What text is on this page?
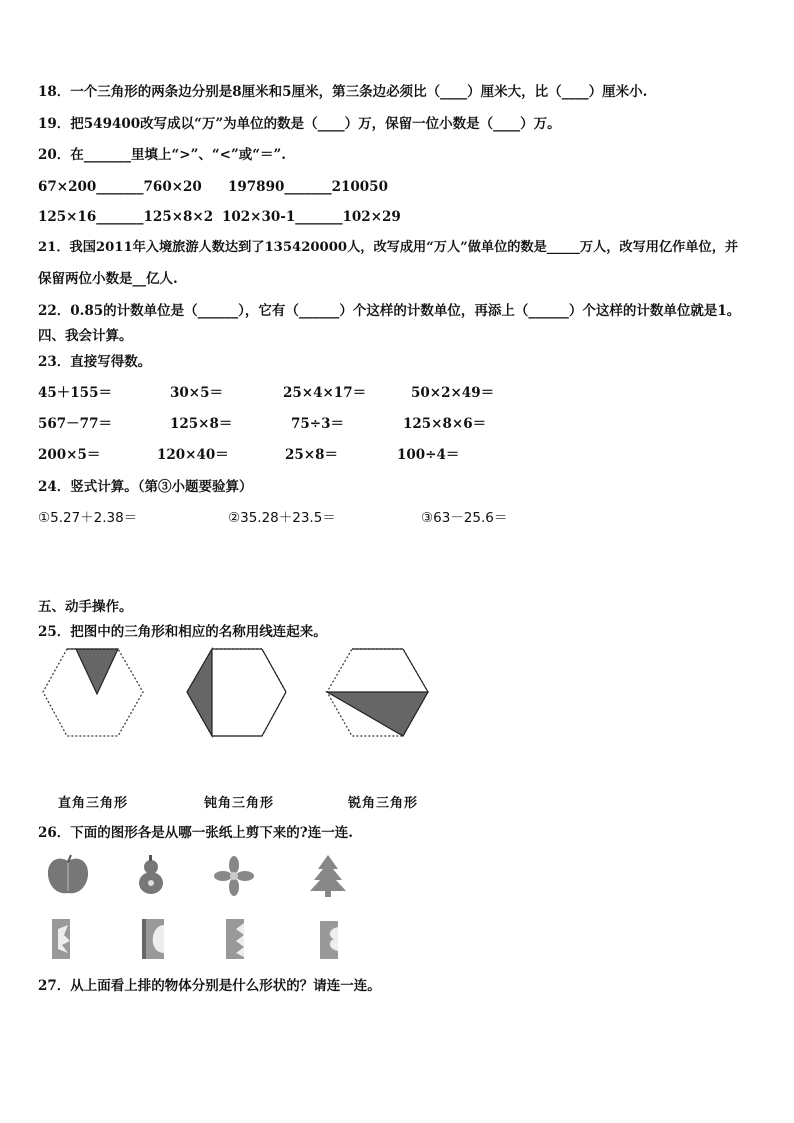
18．一个三角形的两条边分别是8厘米和5厘米，第三条边必须比（____）厘米大，比（____）厘米小.
19．把549400改写成以“万”为单位的数是（____）万，保留一位小数是（____）万。
20．在_______里填上“>”、“<”或“＝”.
67×200_______760×20 197890_______210050
125×16_______125×8×2 102×30-1_______102×29
21．我国2011年入境旅游人数达到了135420000人，改写成用“万人”做单位的数是_____万人，改写用亿作单位，并
保留两位小数是__亿人.
22．0.85的计数单位是（______），它有（______）个这样的计数单位，再添上（______）个这样的计数单位就是1。
四、我会计算。
23．直接写得数。
45＋155＝	30×5＝	25×4×17＝	50×2×49＝
567－77＝	125×8＝	75÷3＝	125×8×6＝
200×5＝	120×40＝	25×8＝	100÷4＝
24．竖式计算。（第③小题要验算）
①5.27＋2.38＝	②35.28＋23.5＝	③63－25.6＝
五、动手操作。
25．把图中的三角形和相应的名称用线连起来。
直角三角形	钝角三角形	锐角三角形
26．下面的图形各是从哪一张纸上剪下来的?连一连.
27．从上面看上排的物体分别是什么形状的？请连一连。
